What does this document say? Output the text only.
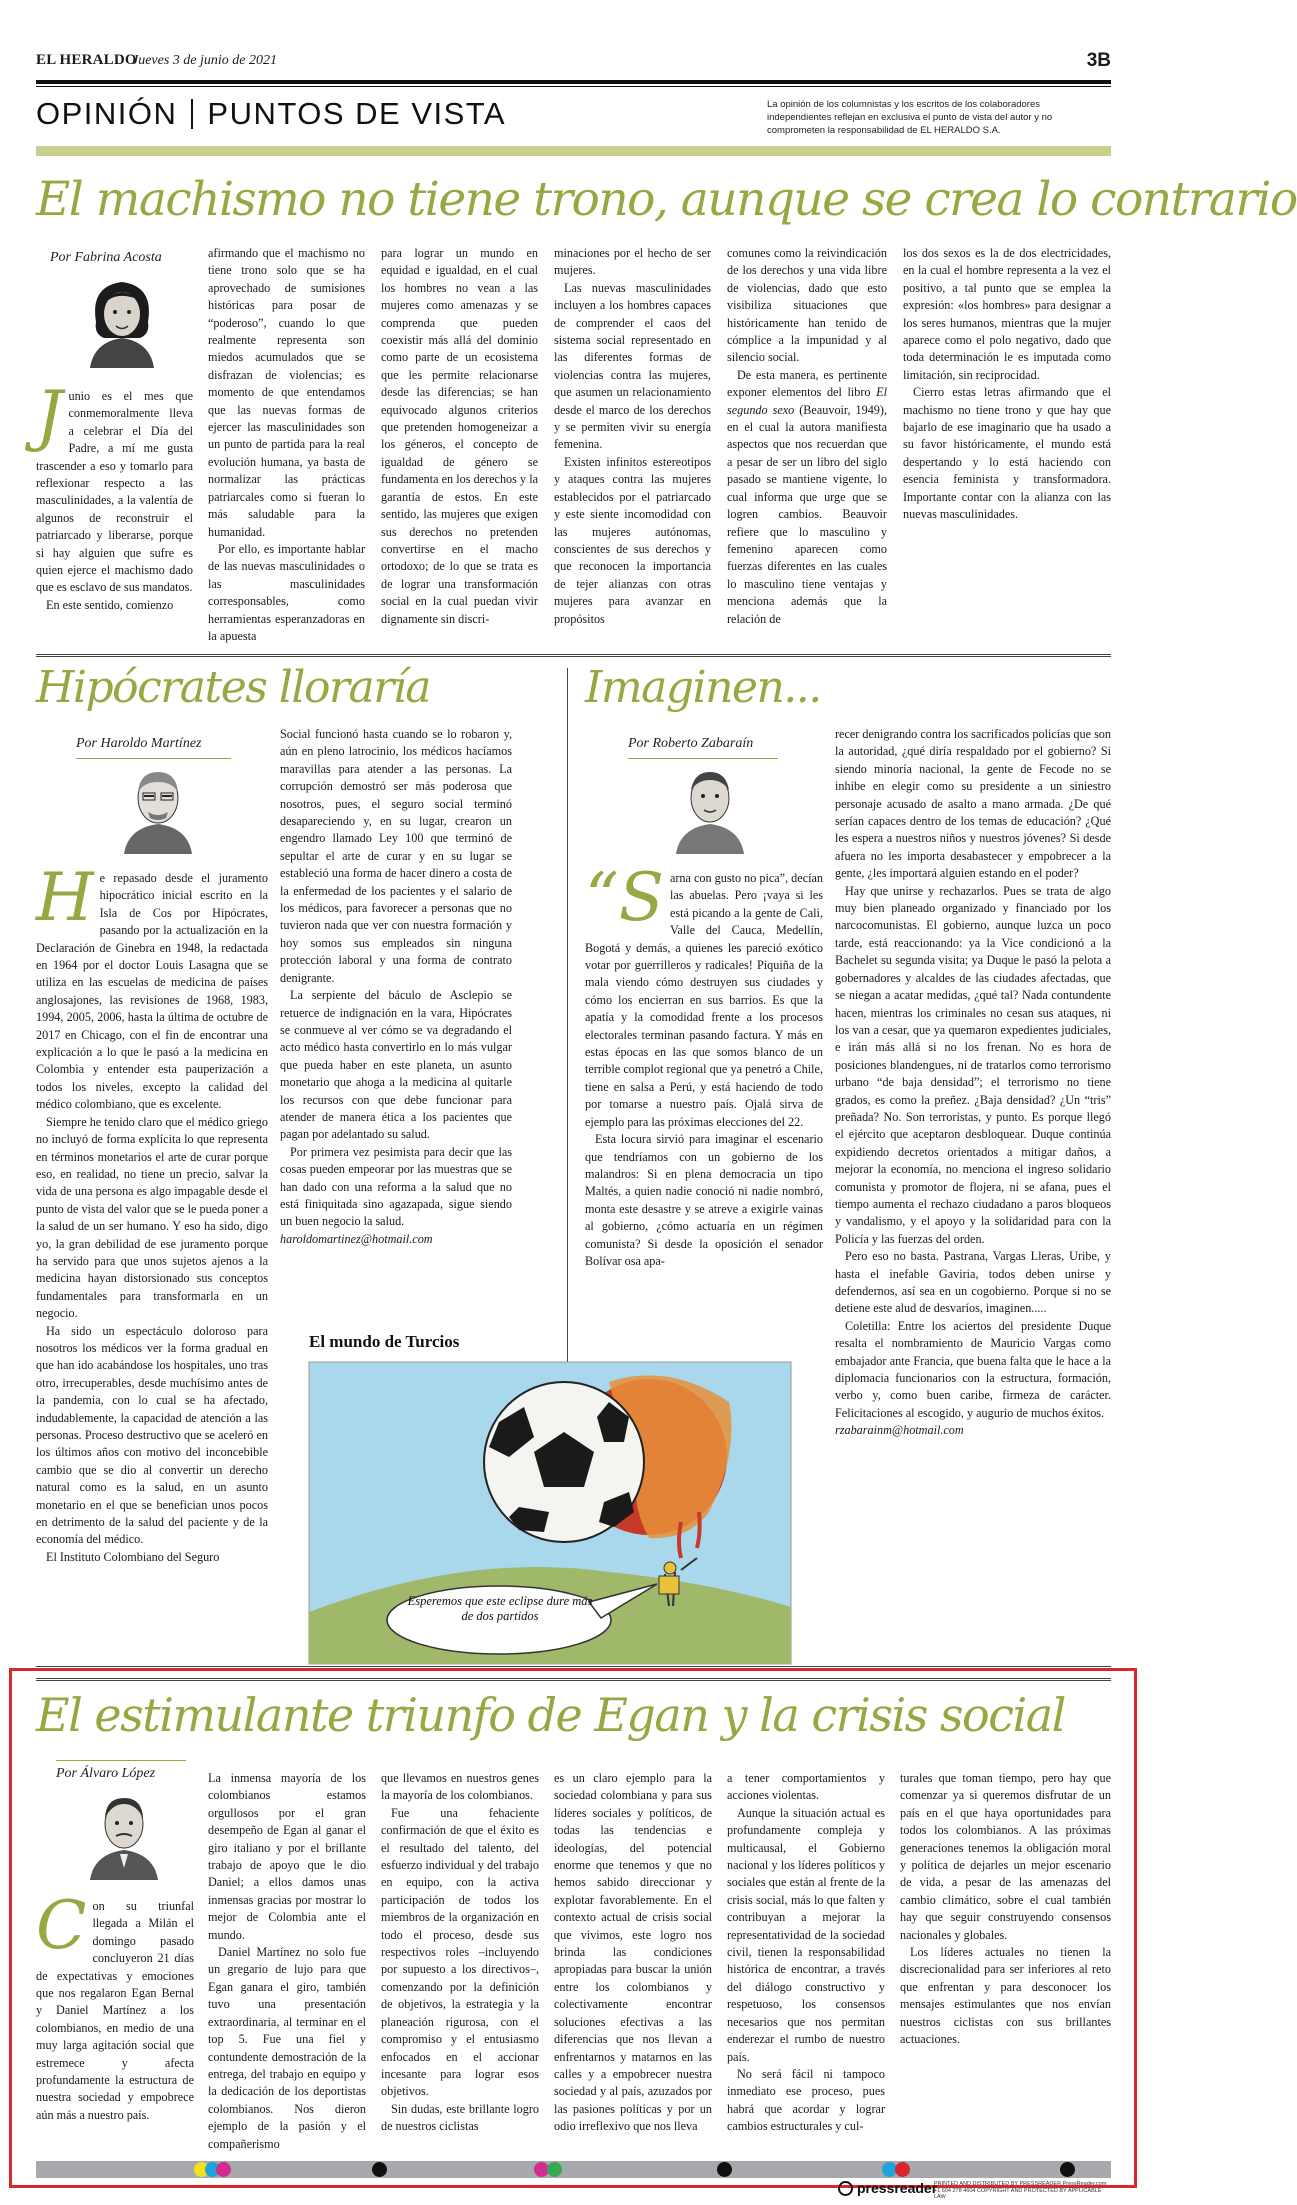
EL HERALDO
Jueves 3 de junio de 2021	3B
OPINIÓN PUNTOS DE VISTA	La opinión de los columnistas y los escritos de los colaboradores independientes reflejan en exclusiva el punto de vista del autor y no comprometen la responsabilidad de EL HERALDO S.A.
El machismo no tiene trono, aunque se crea lo contrario
Por Fabrina Acosta
J unio es el mes que conmemoralmente lleva a celebrar el Día del Padre, a mí me gusta trascender a eso y tomarlo para reflexionar respecto a las masculinidades, a la valentía de algunos de reconstruir el patriarcado y liberarse, porque si hay alguien que sufre es quien ejerce el machismo dado que es esclavo de sus mandatos.

En este sentido, comienzo

afirmando que el machismo no tiene trono solo que se ha aprovechado de sumisiones históricas para posar de “poderoso”, cuando lo que realmente representa son miedos acumulados que se disfrazan de violencias; es momento de que entendamos que las nuevas formas de ejercer las masculinidades son un punto de partida para la real evolución humana, ya basta de normalizar las prácticas patriarcales como si fueran lo más saludable para la humanidad.

Por ello, es importante hablar de las nuevas masculinidades o las masculinidades corresponsables, como herramientas esperanzadoras en la apuesta

para lograr un mundo en equidad e igualdad, en el cual los hombres no vean a las mujeres como amenazas y se comprenda que pueden coexistir más allá del dominio como parte de un ecosistema que les permite relacionarse desde las diferencias; se han equivocado algunos criterios que pretenden homogeneizar a los géneros, el concepto de igualdad de género se fundamenta en los derechos y la garantía de estos. En este sentido, las mujeres que exigen sus derechos no pretenden convertirse en el macho ortodoxo; de lo que se trata es de lograr una transformación social en la cual puedan vivir dignamente sin discri-

minaciones por el hecho de ser mujeres.

Las nuevas masculinidades incluyen a los hombres capaces de comprender el caos del sistema social representado en las diferentes formas de violencias contra las mujeres, que asumen un relacionamiento desde el marco de los derechos y se permiten vivir su energía femenina.

Existen infinitos estereotipos y ataques contra las mujeres establecidos por el patriarcado y este siente incomodidad con las mujeres autónomas, conscientes de sus derechos y que reconocen la importancia de tejer alianzas con otras mujeres para avanzar en propósitos

comunes como la reivindicación de los derechos y una vida libre de violencias, dado que esto visibiliza situaciones que históricamente han tenido de cómplice a la impunidad y al silencio social.

De esta manera, es pertinente exponer elementos del libro El segundo sexo (Beauvoir, 1949), en el cual la autora manifiesta aspectos que nos recuerdan que a pesar de ser un libro del siglo pasado se mantiene vigente, lo cual informa que urge que se logren cambios. Beauvoir refiere que lo masculino y femenino aparecen como fuerzas diferentes en las cuales lo masculino tiene ventajas y menciona además que la relación de

los dos sexos es la de dos electricidades, en la cual el hombre representa a la vez el positivo, a tal punto que se emplea la expresión: «los hombres» para designar a los seres humanos, mientras que la mujer aparece como el polo negativo, dado que toda determinación le es imputada como limitación, sin reciprocidad.

Cierro estas letras afirmando que el machismo no tiene trono y que hay que bajarlo de ese imaginario que ha usado a su favor históricamente, el mundo está despertando y lo está haciendo con esencia feminista y transformadora. Importante contar con la alianza con las nuevas masculinidades.

Hipócrates lloraría
Por Haroldo Martínez
H e repasado desde el juramento hipocrático inicial escrito en la Isla de Cos por Hipócrates, pasando por la actualización en la Declaración de Ginebra en 1948, la redactada en 1964 por el doctor Louis Lasagna que se utiliza en las escuelas de medicina de países anglosajones, las revisiones de 1968, 1983, 1994, 2005, 2006, hasta la última de octubre de 2017 en Chicago, con el fin de encontrar una explicación a lo que le pasó a la medicina en Colombia y entender esta pauperización a todos los niveles, excepto la calidad del médico colombiano, que es excelente.

Siempre he tenido claro que el médico griego no incluyó de forma explícita lo que representa en términos monetarios el arte de curar porque eso, en realidad, no tiene un precio, salvar la vida de una persona es algo impagable desde el punto de vista del valor que se le pueda poner a la salud de un ser humano. Y eso ha sido, digo yo, la gran debilidad de ese juramento porque ha servido para que unos sujetos ajenos a la medicina hayan distorsionado sus conceptos fundamentales para transformarla en un negocio.

Ha sido un espectáculo doloroso para nosotros los médicos ver la forma gradual en que han ido acabándose los hospitales, uno tras otro, irrecuperables, desde muchísimo antes de la pandemia, con lo cual se ha afectado, indudablemente, la capacidad de atención a las personas. Proceso destructivo que se aceleró en los últimos años con motivo del inconcebible cambio que se dio al convertir un derecho natural como es la salud, en un asunto monetario en el que se benefician unos pocos en detrimento de la salud del paciente y de la economía del médico.

El Instituto Colombiano del Seguro

Social funcionó hasta cuando se lo robaron y, aún en pleno latrocinio, los médicos hacíamos maravillas para atender a las personas. La corrupción demostró ser más poderosa que nosotros, pues, el seguro social terminó desapareciendo y, en su lugar, crearon un engendro llamado Ley 100 que terminó de sepultar el arte de curar y en su lugar se estableció una forma de hacer dinero a costa de la enfermedad de los pacientes y el salario de los médicos, para favorecer a personas que no tuvieron nada que ver con nuestra formación y hoy somos sus empleados sin ninguna protección laboral y una forma de contrato denigrante.

La serpiente del báculo de Asclepio se retuerce de indignación en la vara, Hipócrates se conmueve al ver cómo se va degradando el acto médico hasta convertirlo en lo más vulgar que pueda haber en este planeta, un asunto monetario que ahoga a la medicina al quitarle los recursos con que debe funcionar para atender de manera ética a los pacientes que pagan por adelantado su salud.

Por primera vez pesimista para decir que las cosas pueden empeorar por las muestras que se han dado con una reforma a la salud que no está finiquitada sino agazapada, sigue siendo un buen negocio la salud.

haroldomartinez@hotmail.com

Imaginen...
Por Roberto Zabaraín
“S arna con gusto no pica”, decían las abuelas. Pero ¡vaya si les está picando a la gente de Cali, Valle del Cauca, Medellín, Bogotá y demás, a quienes les pareció exótico votar por guerrilleros y radicales! Piquiña de la mala viendo cómo destruyen sus ciudades y cómo los encierran en sus barrios. Es que la apatía y la comodidad frente a los procesos electorales terminan pasando factura. Y más en estas épocas en las que somos blanco de un terrible complot regional que ya penetró a Chile, tiene en salsa a Perú, y está haciendo de todo por tomarse a nuestro país. Ojalá sirva de ejemplo para las próximas elecciones del 22.

Esta locura sirvió para imaginar el escenario que tendríamos con un gobierno de los malandros: Si en plena democracia un tipo Maltés, a quien nadie conoció ni nadie nombró, monta este desastre y se atreve a exigirle vainas al gobierno, ¿cómo actuaría en un régimen comunista? Si desde la oposición el senador Bolívar osa apa-

recer denigrando contra los sacrificados policías que son la autoridad, ¿qué diría respaldado por el gobierno? Si siendo minoría nacional, la gente de Fecode no se inhibe en elegir como su presidente a un siniestro personaje acusado de asalto a mano armada. ¿De qué serían capaces dentro de los temas de educación? ¿Qué les espera a nuestros niños y nuestros jóvenes? Si desde afuera no les importa desabastecer y empobrecer a la gente, ¿les importará alguien estando en el poder?

Hay que unirse y rechazarlos. Pues se trata de algo muy bien planeado organizado y financiado por los narcocomunistas. El gobierno, aunque luzca un poco tarde, está reaccionando: ya la Vice condicionó a la Bachelet su segunda visita; ya Duque le pasó la pelota a gobernadores y alcaldes de las ciudades afectadas, que se niegan a acatar medidas, ¿qué tal? Nada contundente hacen, mientras los criminales no cesan sus ataques, ni los van a cesar, que ya quemaron expedientes judiciales, e irán más allá si no los frenan. No es hora de posiciones blandengues, ni de tratarlos como terrorismo urbano “de baja densidad”; el terrorismo no tiene grados, es como la preñez. ¿Baja densidad? ¿Un “tris” preñada? No. Son terroristas, y punto. Es porque llegó el ejército que aceptaron desbloquear. Duque continúa expidiendo decretos orientados a mitigar daños, a mejorar la economía, no menciona el ingreso solidario comunista y promotor de flojera, ni se afana, pues el tiempo aumenta el rechazo ciudadano a paros bloqueos y vandalismo, y el apoyo y la solidaridad para con la Policía y las fuerzas del orden.

Pero eso no basta. Pastrana, Vargas Lleras, Uribe, y hasta el inefable Gaviria, todos deben unirse y defendernos, así sea en un cogobierno. Porque si no se detiene este alud de desvaríos, imaginen.....

Coletilla: Entre los aciertos del presidente Duque resalta el nombramiento de Mauricio Vargas como embajador ante Francia, que buena falta que le hace a la diplomacia funcionarios con la estructura, formación, verbo y, como buen caribe, firmeza de carácter. Felicitaciones al escogido, y augurio de muchos éxitos.

rzabarainm@hotmail.com

El mundo de Turcios
Esperemos que este eclipse dure más de dos partidos
El estimulante triunfo de Egan y la crisis social
Por Álvaro López
C on su triunfal llegada a Milán el domingo pasado concluyeron 21 días de expectativas y emociones que nos regalaron Egan Bernal y Daniel Martínez a los colombianos, en medio de una muy larga agitación social que estremece y afecta profundamente la estructura de nuestra sociedad y empobrece aún más a nuestro país.

La inmensa mayoría de los colombianos estamos orgullosos por el gran desempeño de Egan al ganar el giro italiano y por el brillante trabajo de apoyo que le dio Daniel; a ellos damos unas inmensas gracias por mostrar lo mejor de Colombia ante el mundo.

Daniel Martínez no solo fue un gregario de lujo para que Egan ganara el giro, también tuvo una presentación extraordinaria, al terminar en el top 5. Fue una fiel y contundente demostración de la entrega, del trabajo en equipo y la dedicación de los deportistas colombianos. Nos dieron ejemplo de la pasión y el compañerismo

que llevamos en nuestros genes la mayoría de los colombianos.

Fue una fehaciente confirmación de que el éxito es el resultado del talento, del esfuerzo individual y del trabajo en equipo, con la activa participación de todos los miembros de la organización en todo el proceso, desde sus respectivos roles –incluyendo por supuesto a los directivos–, comenzando por la definición de objetivos, la estrategia y la planeación rigurosa, con el compromiso y el entusiasmo enfocados en el accionar incesante para lograr esos objetivos.

Sin dudas, este brillante logro de nuestros ciclistas

es un claro ejemplo para la sociedad colombiana y para sus líderes sociales y políticos, de todas las tendencias e ideologías, del potencial enorme que tenemos y que no hemos sabido direccionar y explotar favorablemente. En el contexto actual de crisis social que vivimos, este logro nos brinda las condiciones apropiadas para buscar la unión entre los colombianos y colectivamente encontrar soluciones efectivas a las diferencias que nos llevan a enfrentarnos y matarnos en las calles y a empobrecer nuestra sociedad y al país, azuzados por las pasiones políticas y por un odio irreflexivo que nos lleva

a tener comportamientos y acciones violentas.

Aunque la situación actual es profundamente compleja y multicausal, el Gobierno nacional y los líderes políticos y sociales que están al frente de la crisis social, más lo que falten y contribuyan a mejorar la representatividad de la sociedad civil, tienen la responsabilidad histórica de encontrar, a través del diálogo constructivo y respetuoso, los consensos necesarios que nos permitan enderezar el rumbo de nuestro país.

No será fácil ni tampoco inmediato ese proceso, pues habrá que acordar y lograr cambios estructurales y cul-

turales que toman tiempo, pero hay que comenzar ya si queremos disfrutar de un país en el que haya oportunidades para todos los colombianos. A las próximas generaciones tenemos la obligación moral y política de dejarles un mejor escenario de vida, a pesar de las amenazas del cambio climático, sobre el cual también hay que seguir construyendo consensos nacionales y globales.

Los líderes actuales no tienen la discrecionalidad para ser inferiores al reto que enfrentan y para desconocer los mensajes estimulantes que nos envían nuestros ciclistas con sus brillantes actuaciones.

pressreader
PRINTED AND DISTRIBUTED BY PRESSREADER PressReader.com +1 604 278 4604 COPYRIGHT AND PROTECTED BY APPLICABLE LAW
